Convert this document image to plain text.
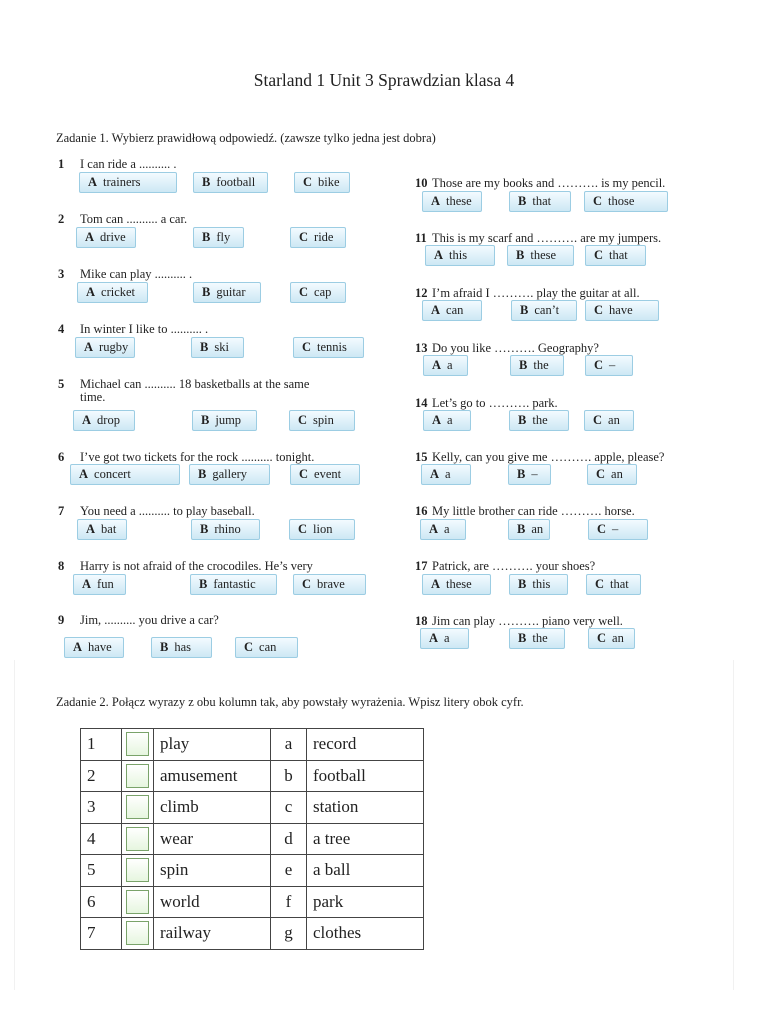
Starland 1 Unit 3 Sprawdzian klasa 4
Zadanie 1. Wybierz prawidłową odpowiedź. (zawsze tylko jedna jest dobra)
1 I can ride a .......... .
A trainers	B football	C bike
2 Tom can .......... a car.
A drive	B fly	C ride
3 Mike can play .......... .
A cricket	B guitar	C cap
4 In winter I like to .......... .
A rugby	B ski	C tennis
5 Michael can .......... 18 basketballs at the same
time.
A drop	B jump	C spin
6 I’ve got two tickets for the rock .......... tonight.
A concert	B gallery	C event
7 You need a .......... to play baseball.
A bat	B rhino	C lion
8 Harry is not afraid of the crocodiles. He’s very
A fun	B fantastic	C brave
9 Jim, .......... you drive a car?
A have	B has	C can
10 Those are my books and ………. is my pencil.
A these	B that	C those
11 This is my scarf and ………. are my jumpers.
A this	B these	C that
12 I’m afraid I ………. play the guitar at all.
A can	B can’t	C have
13 Do you like ………. Geography?
A a	B the	C –
14 Let’s go to ………. park.
A a	B the	C an
15 Kelly, can you give me ………. apple, please?
A a	B –	C an
16 My little brother can ride ………. horse.
A a	B an	C –
17 Patrick, are ………. your shoes?
A these	B this	C that
18 Jim can play ………. piano very well.
A a	B the	C an
Zadanie 2. Połącz wyrazy z obu kolumn tak, aby powstały wyrażenia. Wpisz litery obok cyfr.
1		play	a	record
2		amusement	b	football
3		climb	c	station
4		wear	d	a tree
5		spin	e	a ball
6		world	f	park
7		railway	g	clothes
